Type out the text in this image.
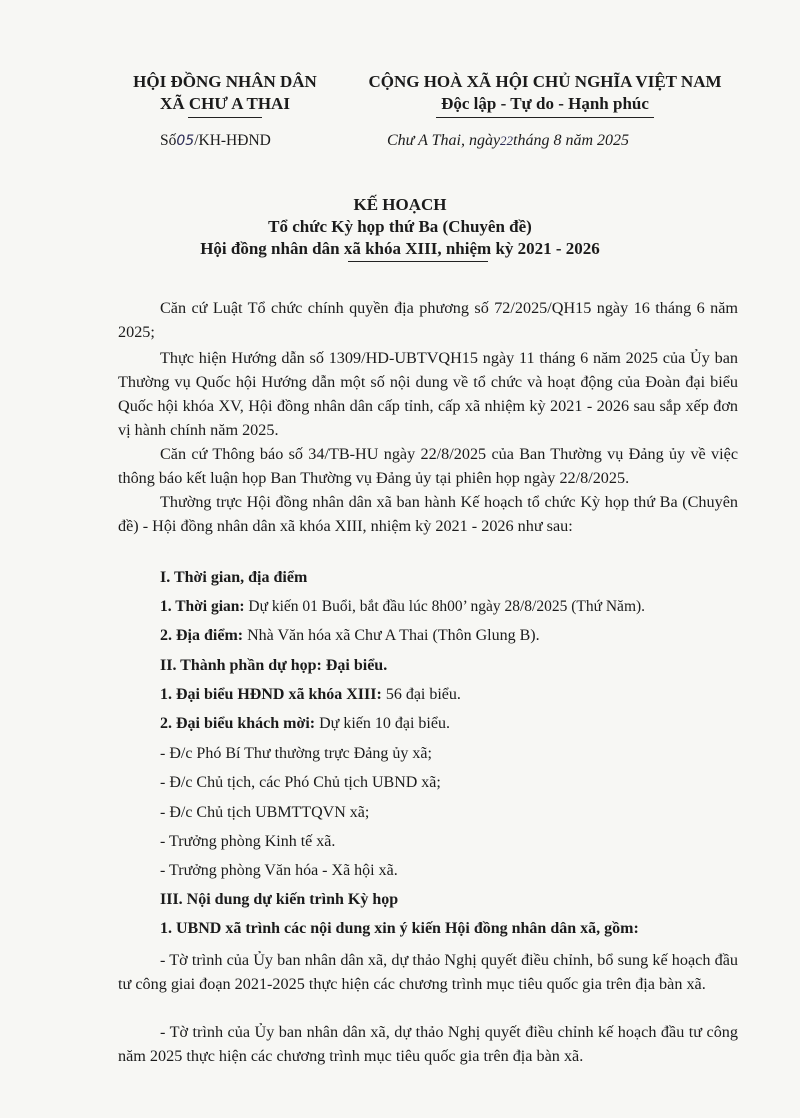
HỘI ĐỒNG NHÂN DÂN
XÃ CHƯ A THAI
Số05/KH-HĐND
CỘNG HOÀ XÃ HỘI CHỦ NGHĨA VIỆT NAM
Độc lập - Tự do - Hạnh phúc
Chư A Thai, ngày22tháng 8 năm 2025
KẾ HOẠCH
Tổ chức Kỳ họp thứ Ba (Chuyên đề)
Hội đồng nhân dân xã khóa XIII, nhiệm kỳ 2021 - 2026
Căn cứ Luật Tổ chức chính quyền địa phương số 72/2025/QH15 ngày 16 tháng 6 năm 2025;
Thực hiện Hướng dẫn số 1309/HD-UBTVQH15 ngày 11 tháng 6 năm 2025 của Ủy ban Thường vụ Quốc hội Hướng dẫn một số nội dung về tổ chức và hoạt động của Đoàn đại biểu Quốc hội khóa XV, Hội đồng nhân dân cấp tỉnh, cấp xã nhiệm kỳ 2021 - 2026 sau sắp xếp đơn vị hành chính năm 2025.
Căn cứ Thông báo số 34/TB-HU ngày 22/8/2025 của Ban Thường vụ Đảng ủy về việc thông báo kết luận họp Ban Thường vụ Đảng ủy tại phiên họp ngày 22/8/2025.
Thường trực Hội đồng nhân dân xã ban hành Kế hoạch tổ chức Kỳ họp thứ Ba (Chuyên đề) - Hội đồng nhân dân xã khóa XIII, nhiệm kỳ 2021 - 2026 như sau:
I. Thời gian, địa điểm
1. Thời gian: Dự kiến 01 Buổi, bắt đầu lúc 8h00’ ngày 28/8/2025 (Thứ Năm).
2. Địa điểm: Nhà Văn hóa xã Chư A Thai (Thôn Glung B).
II. Thành phần dự họp: Đại biểu.
1. Đại biểu HĐND xã khóa XIII: 56 đại biểu.
2. Đại biểu khách mời: Dự kiến 10 đại biểu.
- Đ/c Phó Bí Thư thường trực Đảng ủy xã;
- Đ/c Chủ tịch, các Phó Chủ tịch UBND xã;
- Đ/c Chủ tịch UBMTTQVN xã;
- Trưởng phòng Kinh tế xã.
- Trưởng phòng Văn hóa - Xã hội xã.
III. Nội dung dự kiến trình Kỳ họp
1. UBND xã trình các nội dung xin ý kiến Hội đồng nhân dân xã, gồm:
- Tờ trình của Ủy ban nhân dân xã, dự thảo Nghị quyết điều chỉnh, bổ sung kế hoạch đầu tư công giai đoạn 2021-2025 thực hiện các chương trình mục tiêu quốc gia trên địa bàn xã.
- Tờ trình của Ủy ban nhân dân xã, dự thảo Nghị quyết điều chỉnh kế hoạch đầu tư công năm 2025 thực hiện các chương trình mục tiêu quốc gia trên địa bàn xã.
